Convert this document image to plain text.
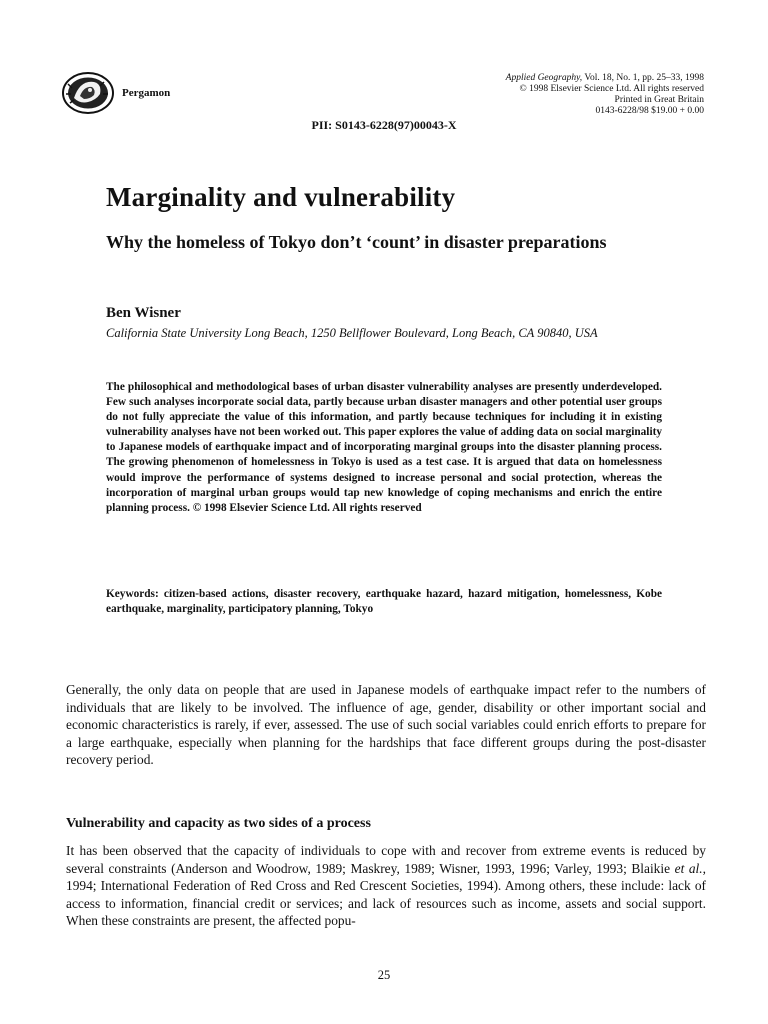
Pergamon
Applied Geography, Vol. 18, No. 1, pp. 25–33, 1998
© 1998 Elsevier Science Ltd. All rights reserved
Printed in Great Britain
0143-6228/98 $19.00 + 0.00
PII: S0143-6228(97)00043-X
Marginality and vulnerability
Why the homeless of Tokyo don’t ‘count’ in disaster preparations
Ben Wisner
California State University Long Beach, 1250 Bellflower Boulevard, Long Beach, CA 90840, USA
The philosophical and methodological bases of urban disaster vulnerability analyses are presently underdeveloped. Few such analyses incorporate social data, partly because urban disaster managers and other potential user groups do not fully appreciate the value of this information, and partly because techniques for including it in existing vulnerability analyses have not been worked out. This paper explores the value of adding data on social marginality to Japanese models of earthquake impact and of incorporating marginal groups into the disaster planning process. The growing phenomenon of homelessness in Tokyo is used as a test case. It is argued that data on homelessness would improve the performance of systems designed to increase personal and social protection, whereas the incorporation of marginal urban groups would tap new knowledge of coping mechanisms and enrich the entire planning process. © 1998 Elsevier Science Ltd. All rights reserved
Keywords: citizen-based actions, disaster recovery, earthquake hazard, hazard mitigation, homelessness, Kobe earthquake, marginality, participatory planning, Tokyo
Generally, the only data on people that are used in Japanese models of earthquake impact refer to the numbers of individuals that are likely to be involved. The influence of age, gender, disability or other important social and economic characteristics is rarely, if ever, assessed. The use of such social variables could enrich efforts to prepare for a large earthquake, especially when planning for the hardships that face different groups during the post-disaster recovery period.
Vulnerability and capacity as two sides of a process
It has been observed that the capacity of individuals to cope with and recover from extreme events is reduced by several constraints (Anderson and Woodrow, 1989; Maskrey, 1989; Wisner, 1993, 1996; Varley, 1993; Blaikie et al., 1994; International Federation of Red Cross and Red Crescent Societies, 1994). Among others, these include: lack of access to information, financial credit or services; and lack of resources such as income, assets and social support. When these constraints are present, the affected popu-
25
